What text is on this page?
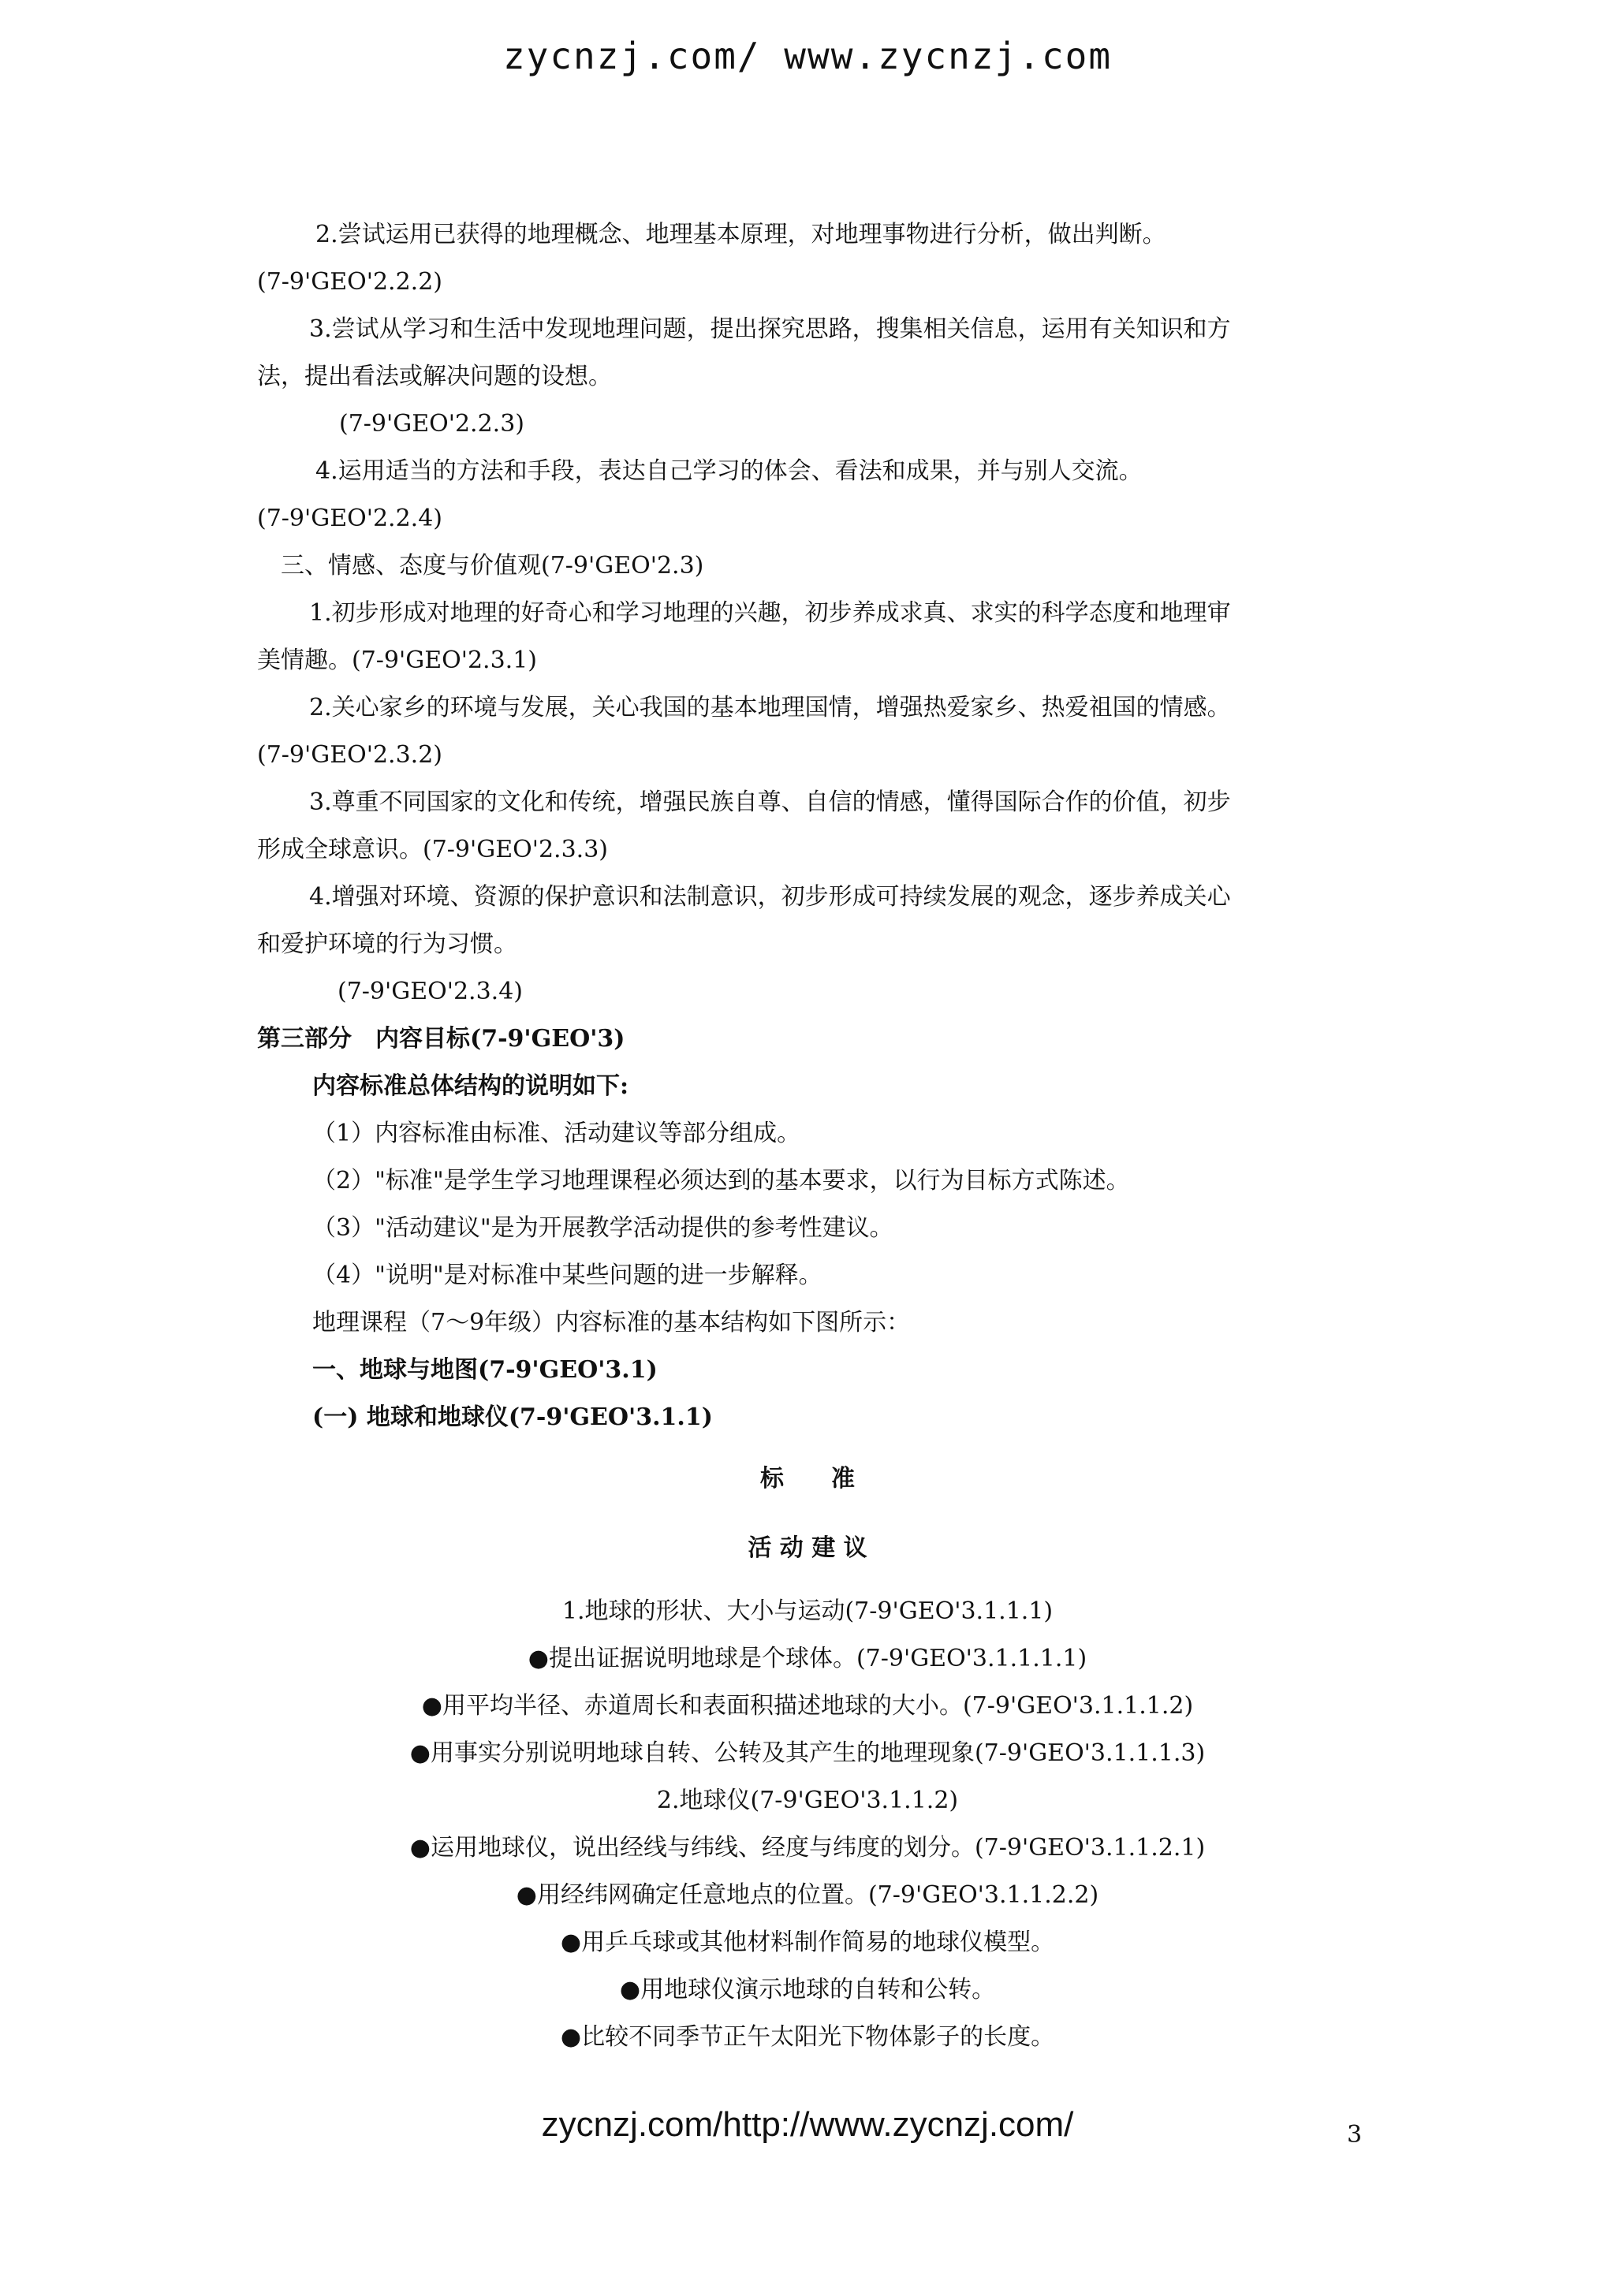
zycnzj.com/ www.zycnzj.com
2.尝试运用已获得的地理概念、地理基本原理，对地理事物进行分析，做出判断。
(7-9'GEO'2.2.2)
3.尝试从学习和生活中发现地理问题，提出探究思路，搜集相关信息，运用有关知识和方
法，提出看法或解决问题的设想。
(7-9'GEO'2.2.3)
4.运用适当的方法和手段，表达自己学习的体会、看法和成果，并与别人交流。
(7-9'GEO'2.2.4)
三、情感、态度与价值观(7-9'GEO'2.3)
1.初步形成对地理的好奇心和学习地理的兴趣，初步养成求真、求实的科学态度和地理审
美情趣。(7-9'GEO'2.3.1)
2.关心家乡的环境与发展，关心我国的基本地理国情，增强热爱家乡、热爱祖国的情感。
(7-9'GEO'2.3.2)
3.尊重不同国家的文化和传统，增强民族自尊、自信的情感，懂得国际合作的价值，初步
形成全球意识。(7-9'GEO'2.3.3)
4.增强对环境、资源的保护意识和法制意识，初步形成可持续发展的观念，逐步养成关心
和爱护环境的行为习惯。
(7-9'GEO'2.3.4)
第三部分　内容目标(7-9'GEO'3)
内容标准总体结构的说明如下:
（1）内容标准由标准、活动建议等部分组成。
（2）"标准"是学生学习地理课程必须达到的基本要求，以行为目标方式陈述。
（3）"活动建议"是为开展教学活动提供的参考性建议。
（4）"说明"是对标准中某些问题的进一步解释。
地理课程（7～9年级）内容标准的基本结构如下图所示：
一、地球与地图(7-9'GEO'3.1)
(一) 地球和地球仪(7-9'GEO'3.1.1)
标　　准
活 动 建 议
1.地球的形状、大小与运动(7-9'GEO'3.1.1.1)
●提出证据说明地球是个球体。(7-9'GEO'3.1.1.1.1)
●用平均半径、赤道周长和表面积描述地球的大小。(7-9'GEO'3.1.1.1.2)
●用事实分别说明地球自转、公转及其产生的地理现象(7-9'GEO'3.1.1.1.3)
2.地球仪(7-9'GEO'3.1.1.2)
●运用地球仪，说出经线与纬线、经度与纬度的划分。(7-9'GEO'3.1.1.2.1)
●用经纬网确定任意地点的位置。(7-9'GEO'3.1.1.2.2)
●用乒乓球或其他材料制作简易的地球仪模型。
●用地球仪演示地球的自转和公转。
●比较不同季节正午太阳光下物体影子的长度。
3
zycnzj.com/http://www.zycnzj.com/
